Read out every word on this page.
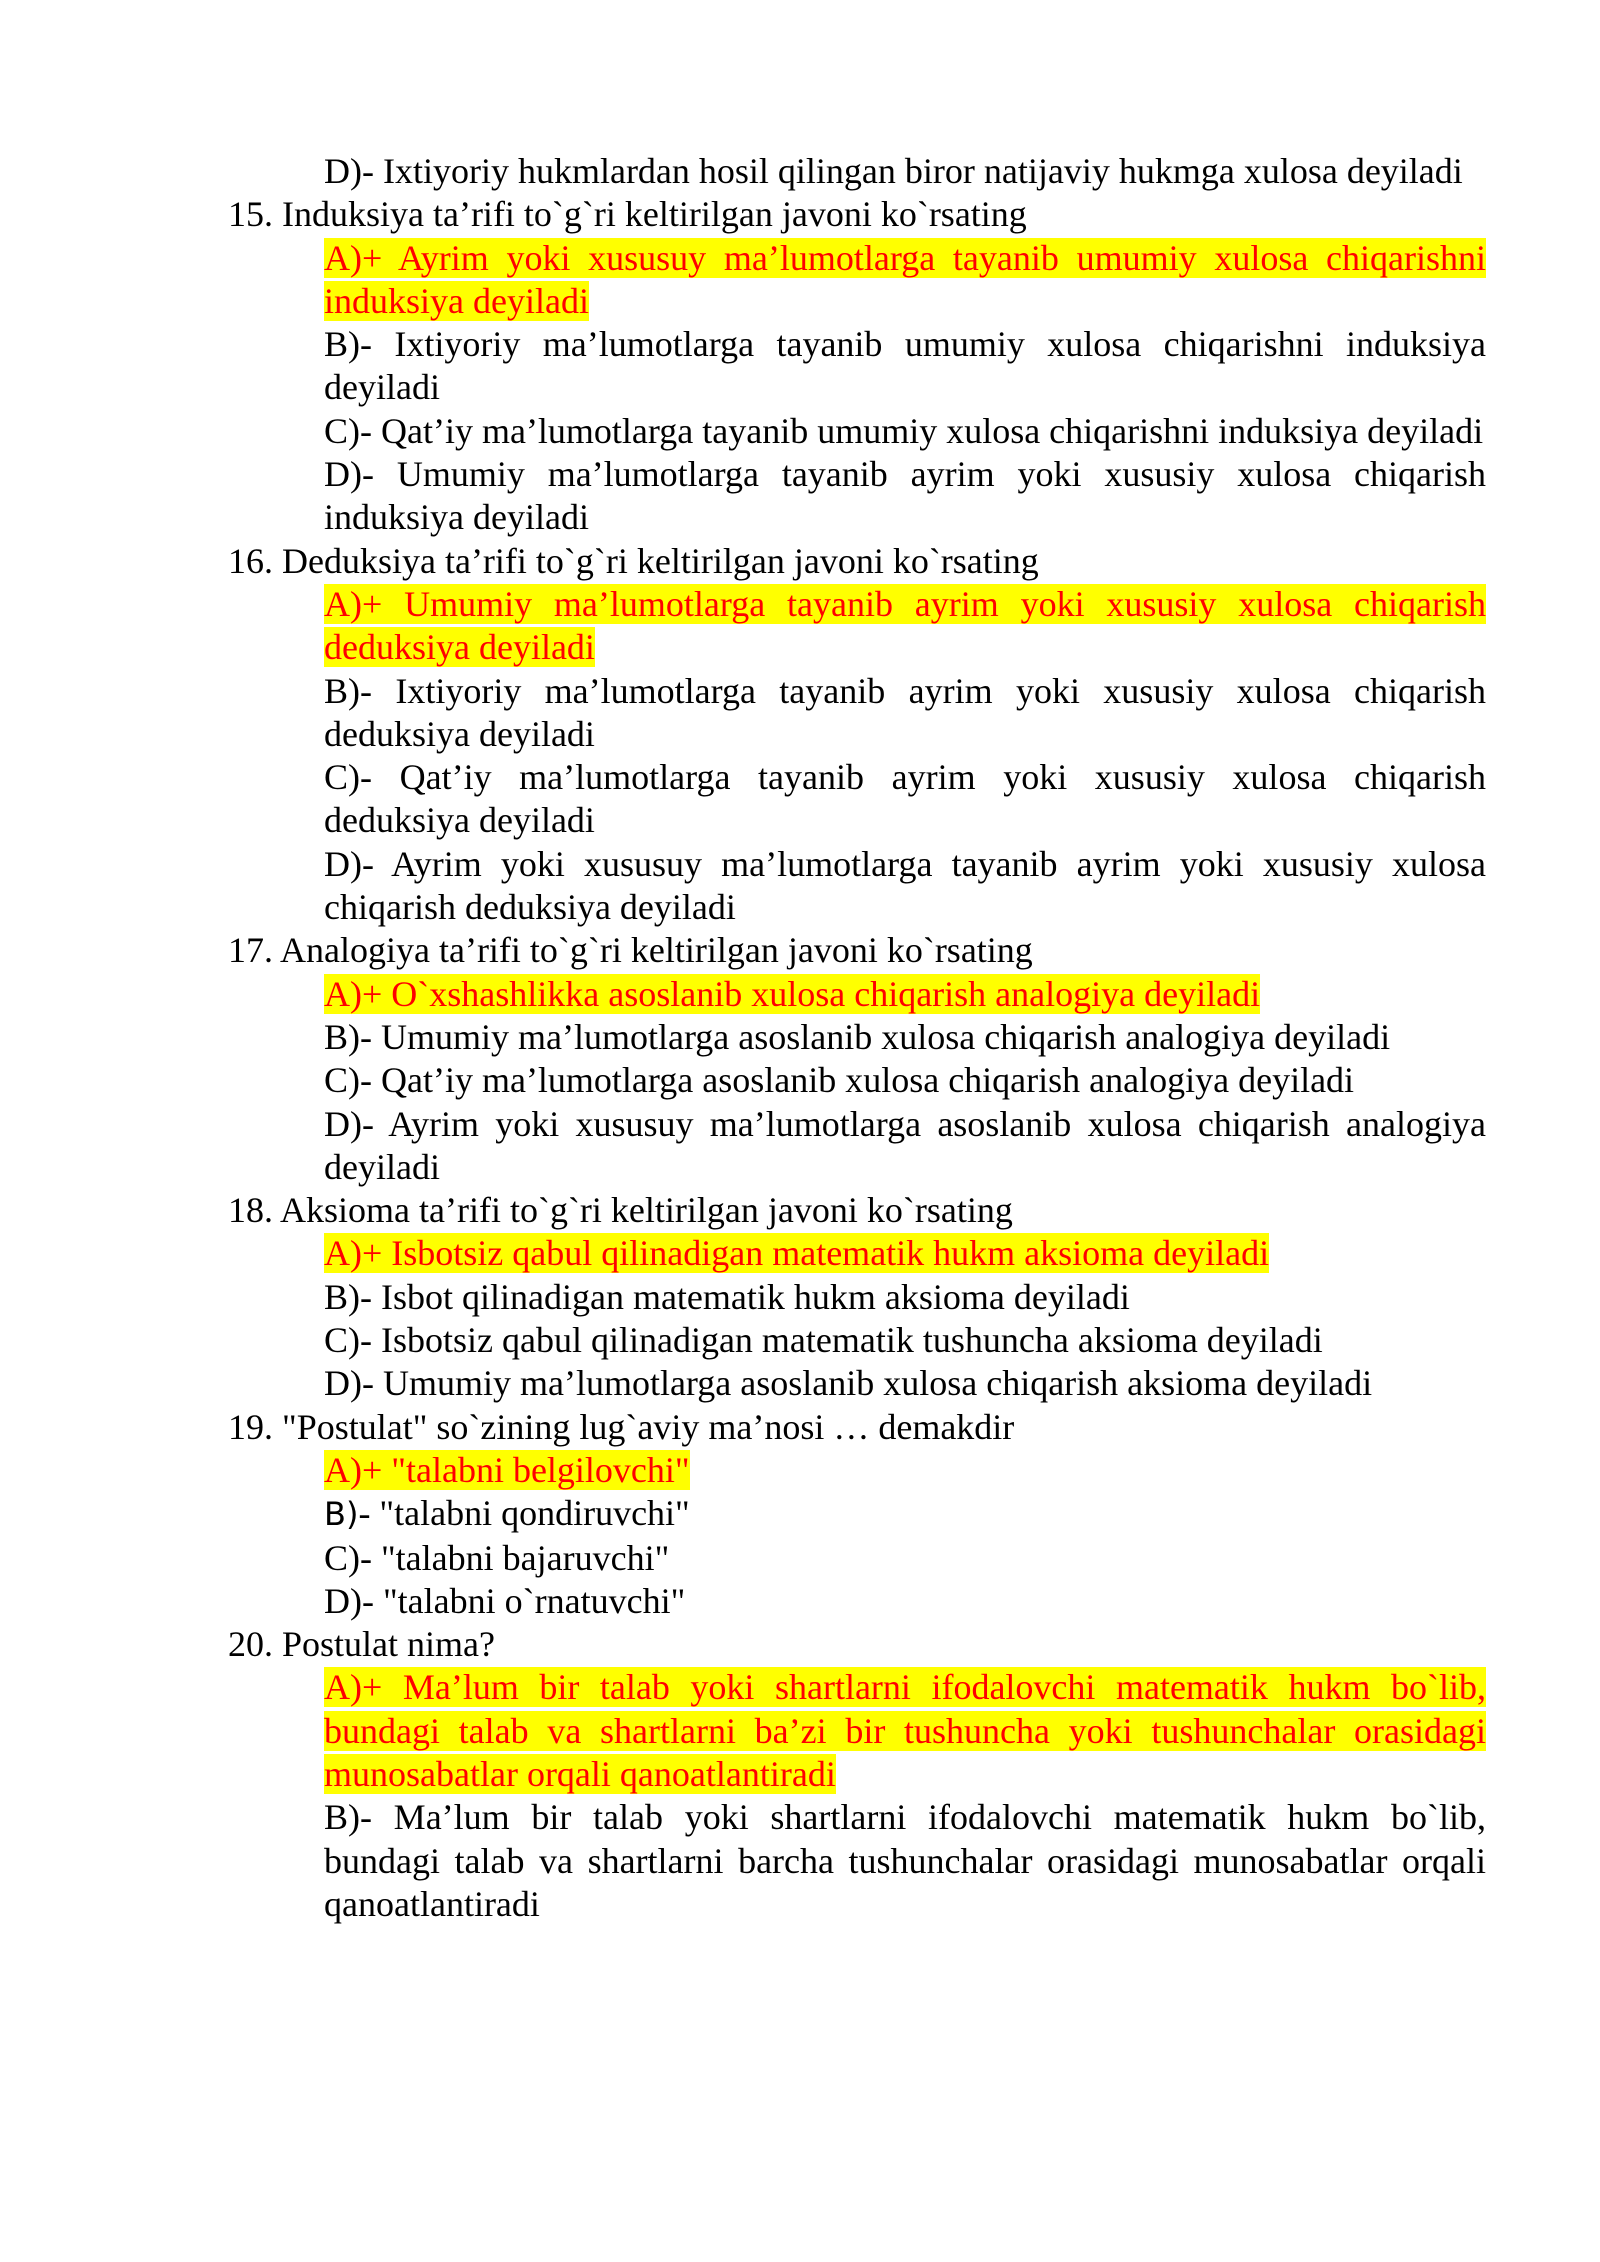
D)- Ixtiyoriy hukmlardan hosil qilingan biror natijaviy hukmga xulosa deyiladi

15. Induksiya ta’rifi to`g`ri keltirilgan javoni ko`rsating

A)+ Ayrim yoki xususuy ma’lumotlarga tayanib umumiy xulosa chiqarishni induksiya deyiladi

B)- Ixtiyoriy ma’lumotlarga tayanib umumiy xulosa chiqarishni induksiya deyiladi

C)- Qat’iy ma’lumotlarga tayanib umumiy xulosa chiqarishni induksiya deyiladi

D)- Umumiy ma’lumotlarga tayanib ayrim yoki xususiy xulosa chiqarish induksiya deyiladi

16. Deduksiya ta’rifi to`g`ri keltirilgan javoni ko`rsating

A)+ Umumiy ma’lumotlarga tayanib ayrim yoki xususiy xulosa chiqarish deduksiya deyiladi

B)- Ixtiyoriy ma’lumotlarga tayanib ayrim yoki xususiy xulosa chiqarish deduksiya deyiladi

C)- Qat’iy ma’lumotlarga tayanib ayrim yoki xususiy xulosa chiqarish deduksiya deyiladi

D)- Ayrim yoki xususuy ma’lumotlarga tayanib ayrim yoki xususiy xulosa chiqarish deduksiya deyiladi

17. Analogiya ta’rifi to`g`ri keltirilgan javoni ko`rsating

A)+ O`xshashlikka asoslanib xulosa chiqarish analogiya deyiladi

B)- Umumiy ma’lumotlarga asoslanib xulosa chiqarish analogiya deyiladi

C)- Qat’iy ma’lumotlarga asoslanib xulosa chiqarish analogiya deyiladi

D)- Ayrim yoki xususuy ma’lumotlarga asoslanib xulosa chiqarish analogiya deyiladi

18. Aksioma ta’rifi to`g`ri keltirilgan javoni ko`rsating

A)+ Isbotsiz qabul qilinadigan matematik hukm aksioma deyiladi

B)- Isbot qilinadigan matematik hukm aksioma deyiladi

C)- Isbotsiz qabul qilinadigan matematik tushuncha aksioma deyiladi

D)- Umumiy ma’lumotlarga asoslanib xulosa chiqarish aksioma deyiladi

19. "Postulat" so`zining lug`aviy ma’nosi … demakdir

A)+ "talabni belgilovchi"

B)- "talabni qondiruvchi"

C)- "talabni bajaruvchi"

D)- "talabni o`rnatuvchi"

20. Postulat nima?

A)+ Ma’lum bir talab yoki shartlarni ifodalovchi matematik hukm bo`lib, bundagi talab va shartlarni ba’zi bir tushuncha yoki tushunchalar orasidagi munosabatlar orqali qanoatlantiradi

B)- Ma’lum bir talab yoki shartlarni ifodalovchi matematik hukm bo`lib, bundagi talab va shartlarni barcha tushunchalar orasidagi munosabatlar orqali qanoatlantiradi
